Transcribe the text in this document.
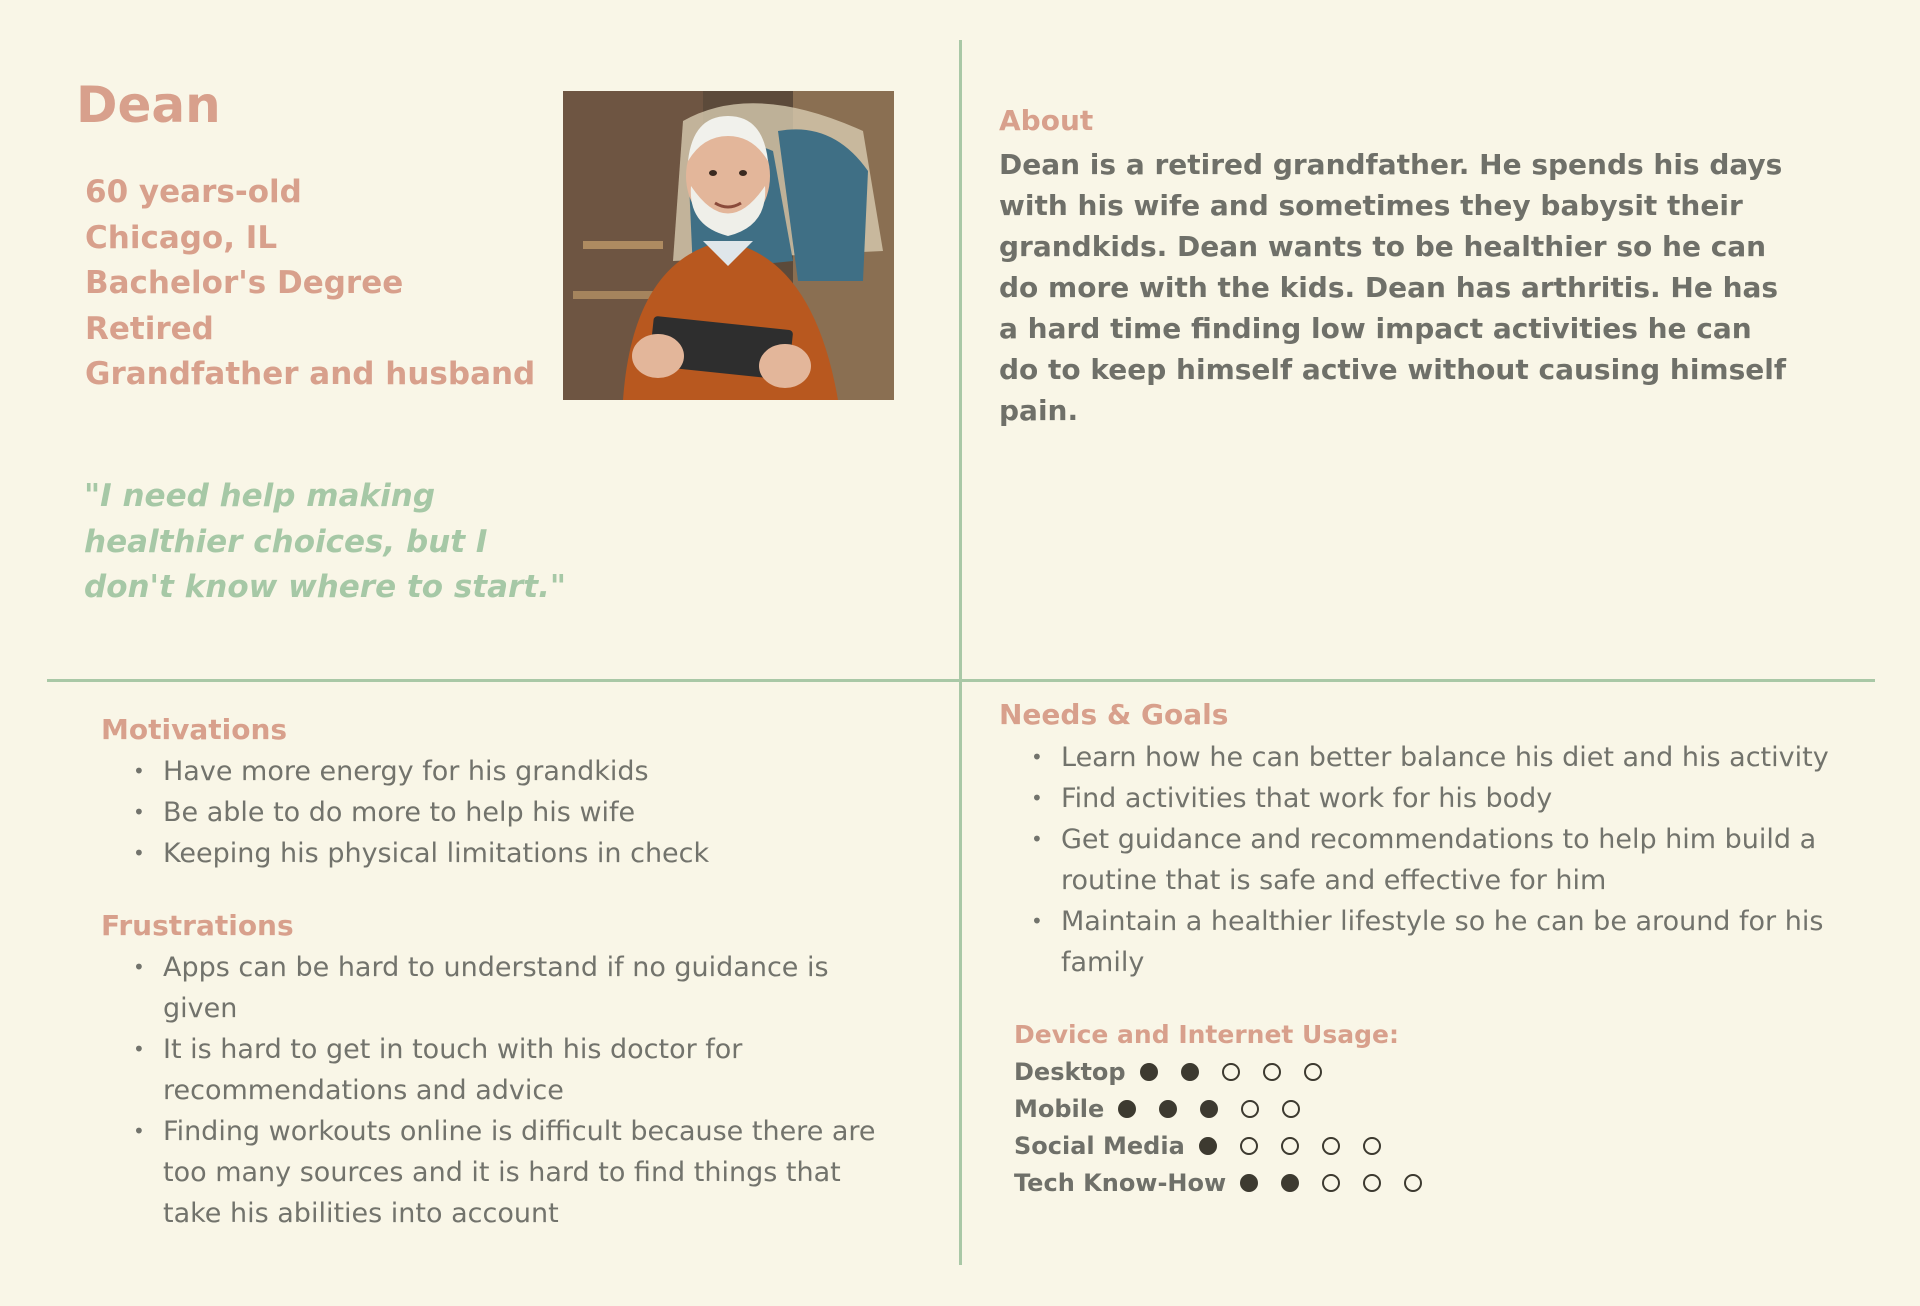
Dean
60 years-old
Chicago, IL
Bachelor's Degree
Retired
Grandfather and husband

"I need help making healthier choices, but I don't know where to start."

About

Dean is a retired grandfather. He spends his days with his wife and sometimes they babysit their grandkids. Dean wants to be healthier so he can do more with the kids. Dean has arthritis. He has a hard time finding low impact activities he can do to keep himself active without causing himself pain.

Motivations
• Have more energy for his grandkids
• Be able to do more to help his wife
• Keeping his physical limitations in check
Frustrations
• Apps can be hard to understand if no guidance is given
• It is hard to get in touch with his doctor for recommendations and advice
• Finding workouts online is difficult because there are too many sources and it is hard to find things that take his abilities into account
Needs & Goals
• Learn how he can better balance his diet and his activity
• Find activities that work for his body
• Get guidance and recommendations to help him build a routine that is safe and effective for him
• Maintain a healthier lifestyle so he can be around for his family
Device and Internet Usage:
Desktop
Mobile
Social Media
Tech Know-How
